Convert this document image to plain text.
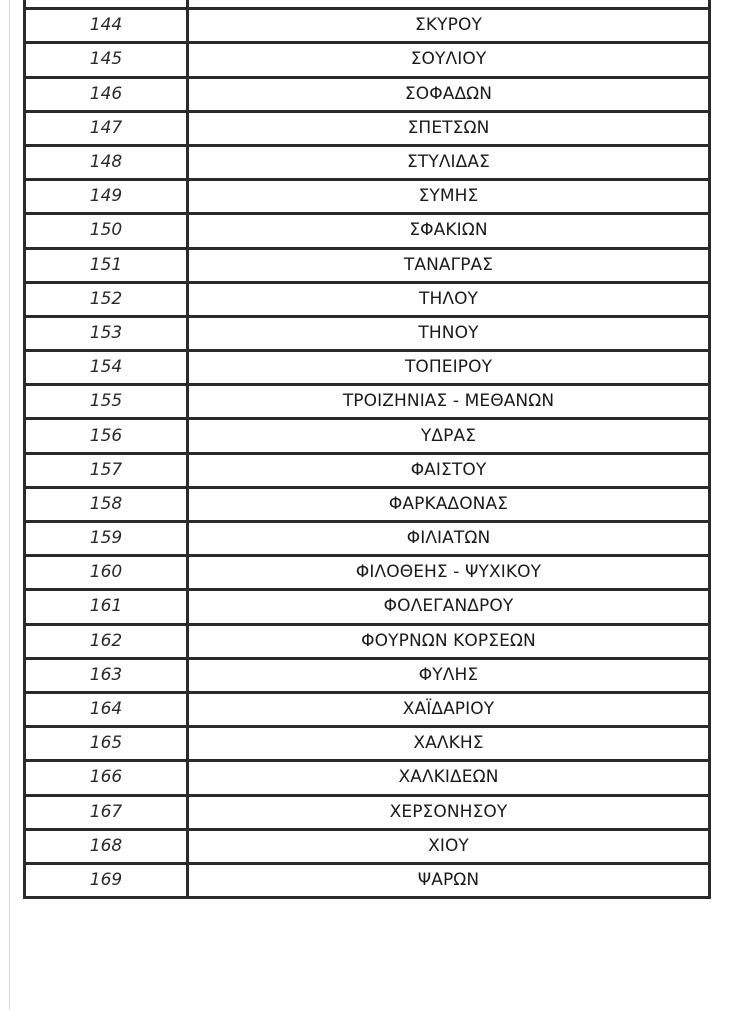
144	ΣΚΥΡΟΥ
145	ΣΟΥΛΙΟΥ
146	ΣΟΦΑΔΩΝ
147	ΣΠΕΤΣΩΝ
148	ΣΤΥΛΙΔΑΣ
149	ΣΥΜΗΣ
150	ΣΦΑΚΙΩΝ
151	ΤΑΝΑΓΡΑΣ
152	ΤΗΛΟΥ
153	ΤΗΝΟΥ
154	ΤΟΠΕΙΡΟΥ
155	ΤΡΟΙΖΗΝΙΑΣ - ΜΕΘΑΝΩΝ
156	ΥΔΡΑΣ
157	ΦΑΙΣΤΟΥ
158	ΦΑΡΚΑΔΟΝΑΣ
159	ΦΙΛΙΑΤΩΝ
160	ΦΙΛΟΘΕΗΣ - ΨΥΧΙΚΟΥ
161	ΦΟΛΕΓΑΝΔΡΟΥ
162	ΦΟΥΡΝΩΝ ΚΟΡΣΕΩΝ
163	ΦΥΛΗΣ
164	ΧΑΪΔΑΡΙΟΥ
165	ΧΑΛΚΗΣ
166	ΧΑΛΚΙΔΕΩΝ
167	ΧΕΡΣΟΝΗΣΟΥ
168	ΧΙΟΥ
169	ΨΑΡΩΝ
